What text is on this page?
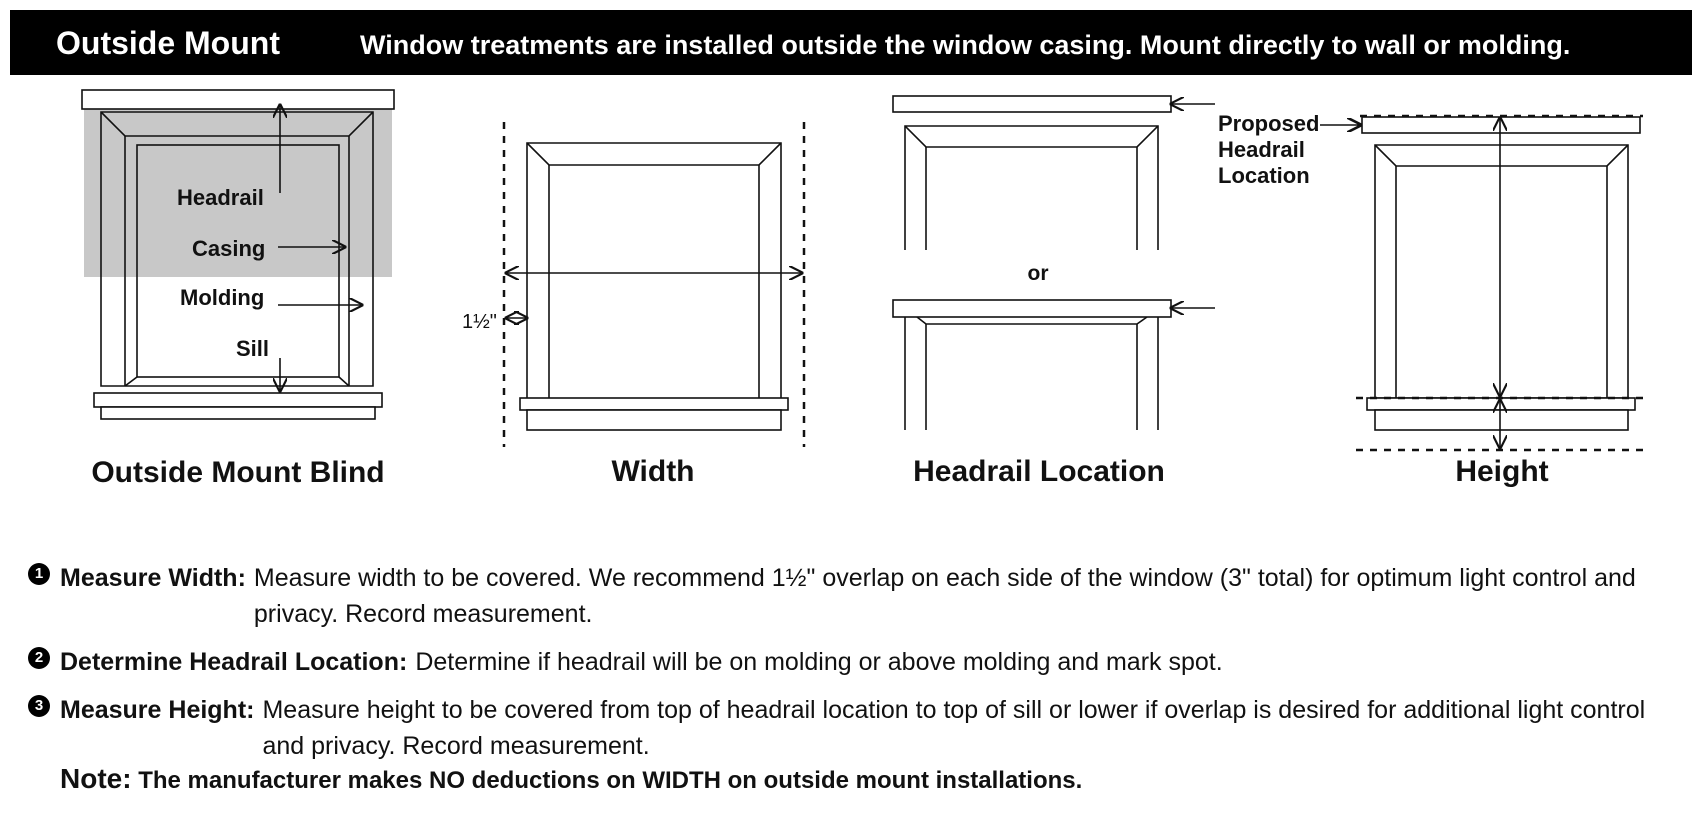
Outside Mount	Window treatments are installed outside the window casing. Mount directly to wall or molding.
Headrail
Casing
Molding
Sill
Outside Mount Blind
1½"
Width
or
Headrail Location
Proposed
Headrail
Location
Height
1 Measure Width: Measure width to be covered. We recommend 1½" overlap on each side of the window (3" total) for optimum light control and privacy. Record measurement.
2 Determine Headrail Location: Determine if headrail will be on molding or above molding and mark spot.
3 Measure Height: Measure height to be covered from top of headrail location to top of sill or lower if overlap is desired for additional light control and privacy. Record measurement.
Note: The manufacturer makes NO deductions on WIDTH on outside mount installations.
